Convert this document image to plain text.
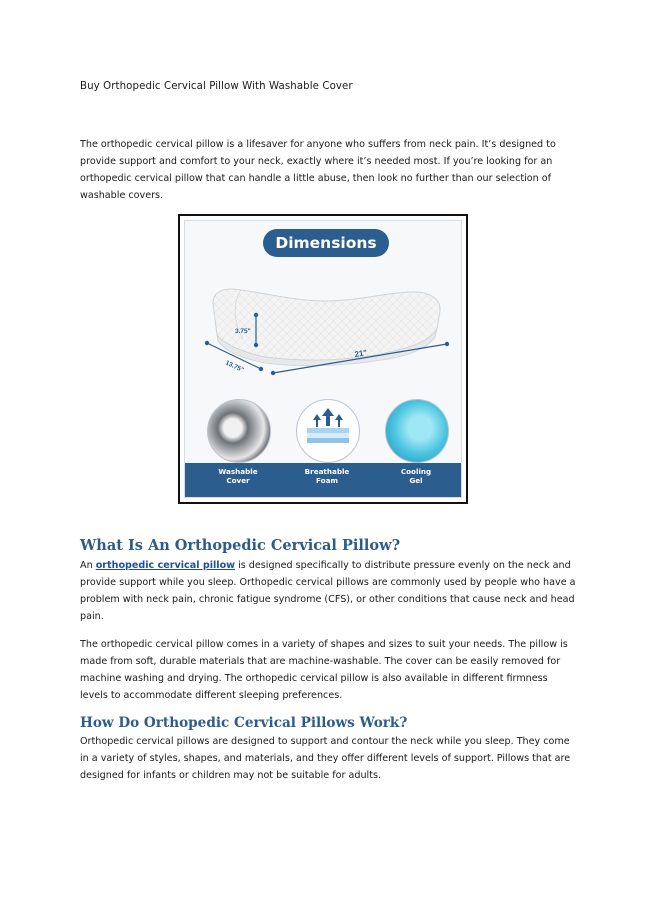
Buy Orthopedic Cervical Pillow With Washable Cover

The orthopedic cervical pillow is a lifesaver for anyone who suffers from neck pain. It’s designed to provide support and comfort to your neck, exactly where it’s needed most. If you’re looking for an orthopedic cervical pillow that can handle a little abuse, then look no further than our selection of washable covers.

Dimensions
3.75"
13.75"
21"
Washable
Cover
Breathable
Foam
Cooling
Gel
What Is An Orthopedic Cervical Pillow?

An orthopedic cervical pillow is designed specifically to distribute pressure evenly on the neck and provide support while you sleep. Orthopedic cervical pillows are commonly used by people who have a problem with neck pain, chronic fatigue syndrome (CFS), or other conditions that cause neck and head pain.

The orthopedic cervical pillow comes in a variety of shapes and sizes to suit your needs. The pillow is made from soft, durable materials that are machine-washable. The cover can be easily removed for machine washing and drying. The orthopedic cervical pillow is also available in different firmness levels to accommodate different sleeping preferences.

How Do Orthopedic Cervical Pillows Work?

Orthopedic cervical pillows are designed to support and contour the neck while you sleep. They come in a variety of styles, shapes, and materials, and they offer different levels of support. Pillows that are designed for infants or children may not be suitable for adults.
